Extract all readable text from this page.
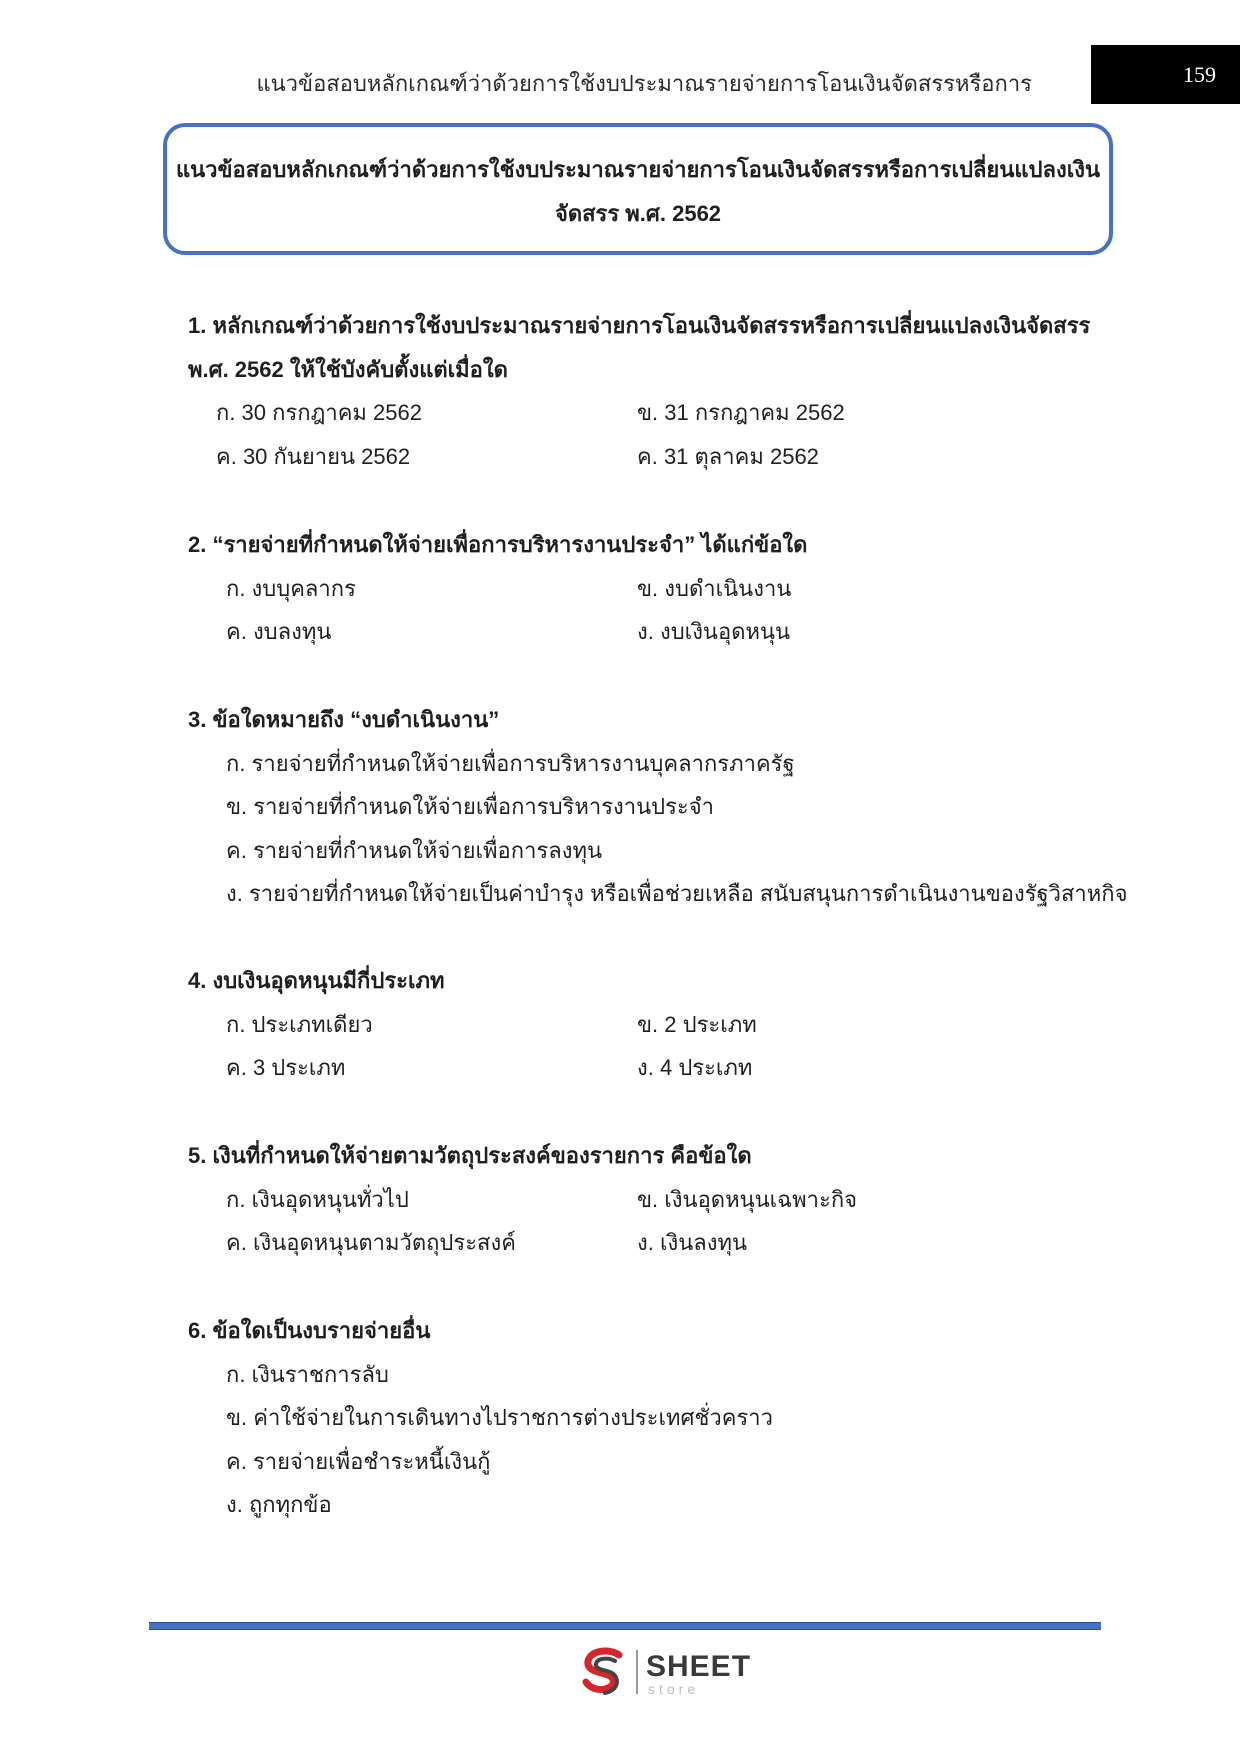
แนวข้อสอบหลักเกณฑ์ว่าด้วยการใช้งบประมาณรายจ่ายการโอนเงินจัดสรรหรือการ	159
แนวข้อสอบหลักเกณฑ์ว่าด้วยการใช้งบประมาณรายจ่ายการโอนเงินจัดสรรหรือการเปลี่ยนแปลงเงิน
จัดสรร พ.ศ. 2562
1. หลักเกณฑ์ว่าด้วยการใช้งบประมาณรายจ่ายการโอนเงินจัดสรรหรือการเปลี่ยนแปลงเงินจัดสรร
พ.ศ. 2562 ให้ใช้บังคับตั้งแต่เมื่อใด
ก. 30 กรกฎาคม 2562	ข. 31 กรกฎาคม 2562
ค. 30 กันยายน 2562	ค. 31 ตุลาคม 2562
2. “รายจ่ายที่กำหนดให้จ่ายเพื่อการบริหารงานประจำ” ได้แก่ข้อใด
ก. งบบุคลากร	ข. งบดำเนินงาน
ค. งบลงทุน	ง. งบเงินอุดหนุน
3. ข้อใดหมายถึง “งบดำเนินงาน”
ก. รายจ่ายที่กำหนดให้จ่ายเพื่อการบริหารงานบุคลากรภาครัฐ
ข. รายจ่ายที่กำหนดให้จ่ายเพื่อการบริหารงานประจำ
ค. รายจ่ายที่กำหนดให้จ่ายเพื่อการลงทุน
ง. รายจ่ายที่กำหนดให้จ่ายเป็นค่าบำรุง หรือเพื่อช่วยเหลือ สนับสนุนการดำเนินงานของรัฐวิสาหกิจ
4. งบเงินอุดหนุนมีกี่ประเภท
ก. ประเภทเดียว	ข. 2 ประเภท
ค. 3 ประเภท	ง. 4 ประเภท
5. เงินที่กำหนดให้จ่ายตามวัตถุประสงค์ของรายการ คือข้อใด
ก. เงินอุดหนุนทั่วไป	ข. เงินอุดหนุนเฉพาะกิจ
ค. เงินอุดหนุนตามวัตถุประสงค์	ง. เงินลงทุน
6. ข้อใดเป็นงบรายจ่ายอื่น
ก. เงินราชการลับ
ข. ค่าใช้จ่ายในการเดินทางไปราชการต่างประเทศชั่วคราว
ค. รายจ่ายเพื่อชำระหนี้เงินกู้
ง. ถูกทุกข้อ
SHEET
store
